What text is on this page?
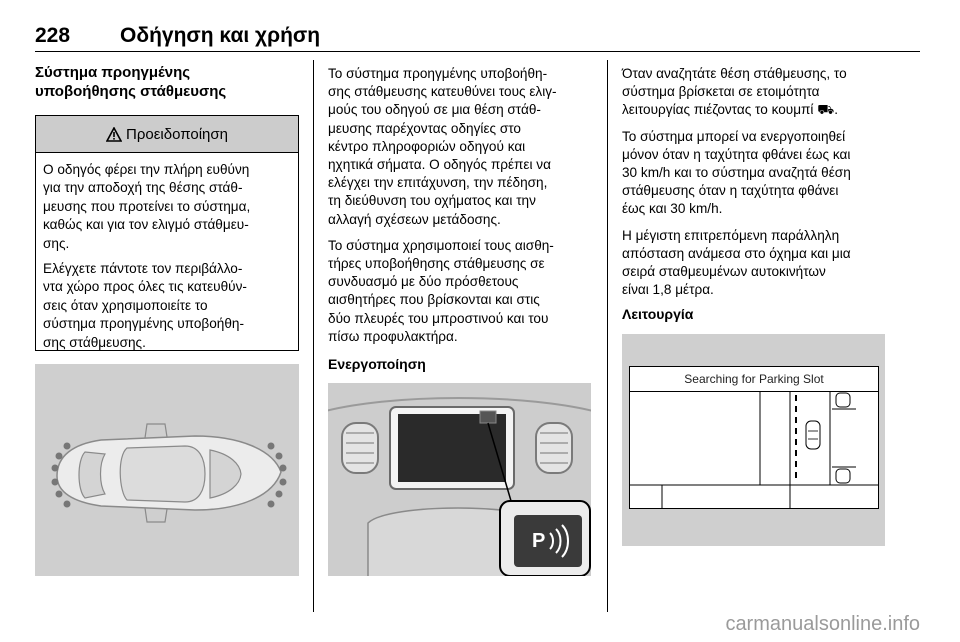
228 Οδήγηση και χρήση
Σύστημα προηγμένης
υποβοήθησης στάθμευσης
Προειδοποίηση

Ο οδηγός φέρει την πλήρη ευθύνη
για την αποδοχή της θέσης στάθ-
μευσης που προτείνει το σύστημα,
καθώς και για τον ελιγμό στάθμευ-
σης.

Ελέγχετε πάντοτε τον περιβάλλο-
ντα χώρο προς όλες τις κατευθύν-
σεις όταν χρησιμοποιείτε το
σύστημα προηγμένης υποβοήθη-
σης στάθμευσης.

Το σύστημα προηγμένης υποβοήθη-
σης στάθμευσης κατευθύνει τους ελιγ-
μούς του οδηγού σε μια θέση στάθ-
μευσης παρέχοντας οδηγίες στο
κέντρο πληροφοριών οδηγού και
ηχητικά σήματα. Ο οδηγός πρέπει να
ελέγχει την επιτάχυνση, την πέδηση,
τη διεύθυνση του οχήματος και την
αλλαγή σχέσεων μετάδοσης.

Το σύστημα χρησιμοποιεί τους αισθη-
τήρες υποβοήθησης στάθμευσης σε
συνδυασμό με δύο πρόσθετους
αισθητήρες που βρίσκονται και στις
δύο πλευρές του μπροστινού και του
πίσω προφυλακτήρα.

Ενεργοποίηση
P

Όταν αναζητάτε θέση στάθμευσης, το
σύστημα βρίσκεται σε ετοιμότητα
λειτουργίας πιέζοντας το κουμπί ⛟.

Το σύστημα μπορεί να ενεργοποιηθεί
μόνον όταν η ταχύτητα φθάνει έως και
30 km/h και το σύστημα αναζητά θέση
στάθμευσης όταν η ταχύτητα φθάνει
έως και 30 km/h.

Η μέγιστη επιτρεπόμενη παράλληλη
απόσταση ανάμεσα στο όχημα και μια
σειρά σταθμευμένων αυτοκινήτων
είναι 1,8 μέτρα.

Λειτουργία
Searching for Parking Slot
carmanualsonline.info
